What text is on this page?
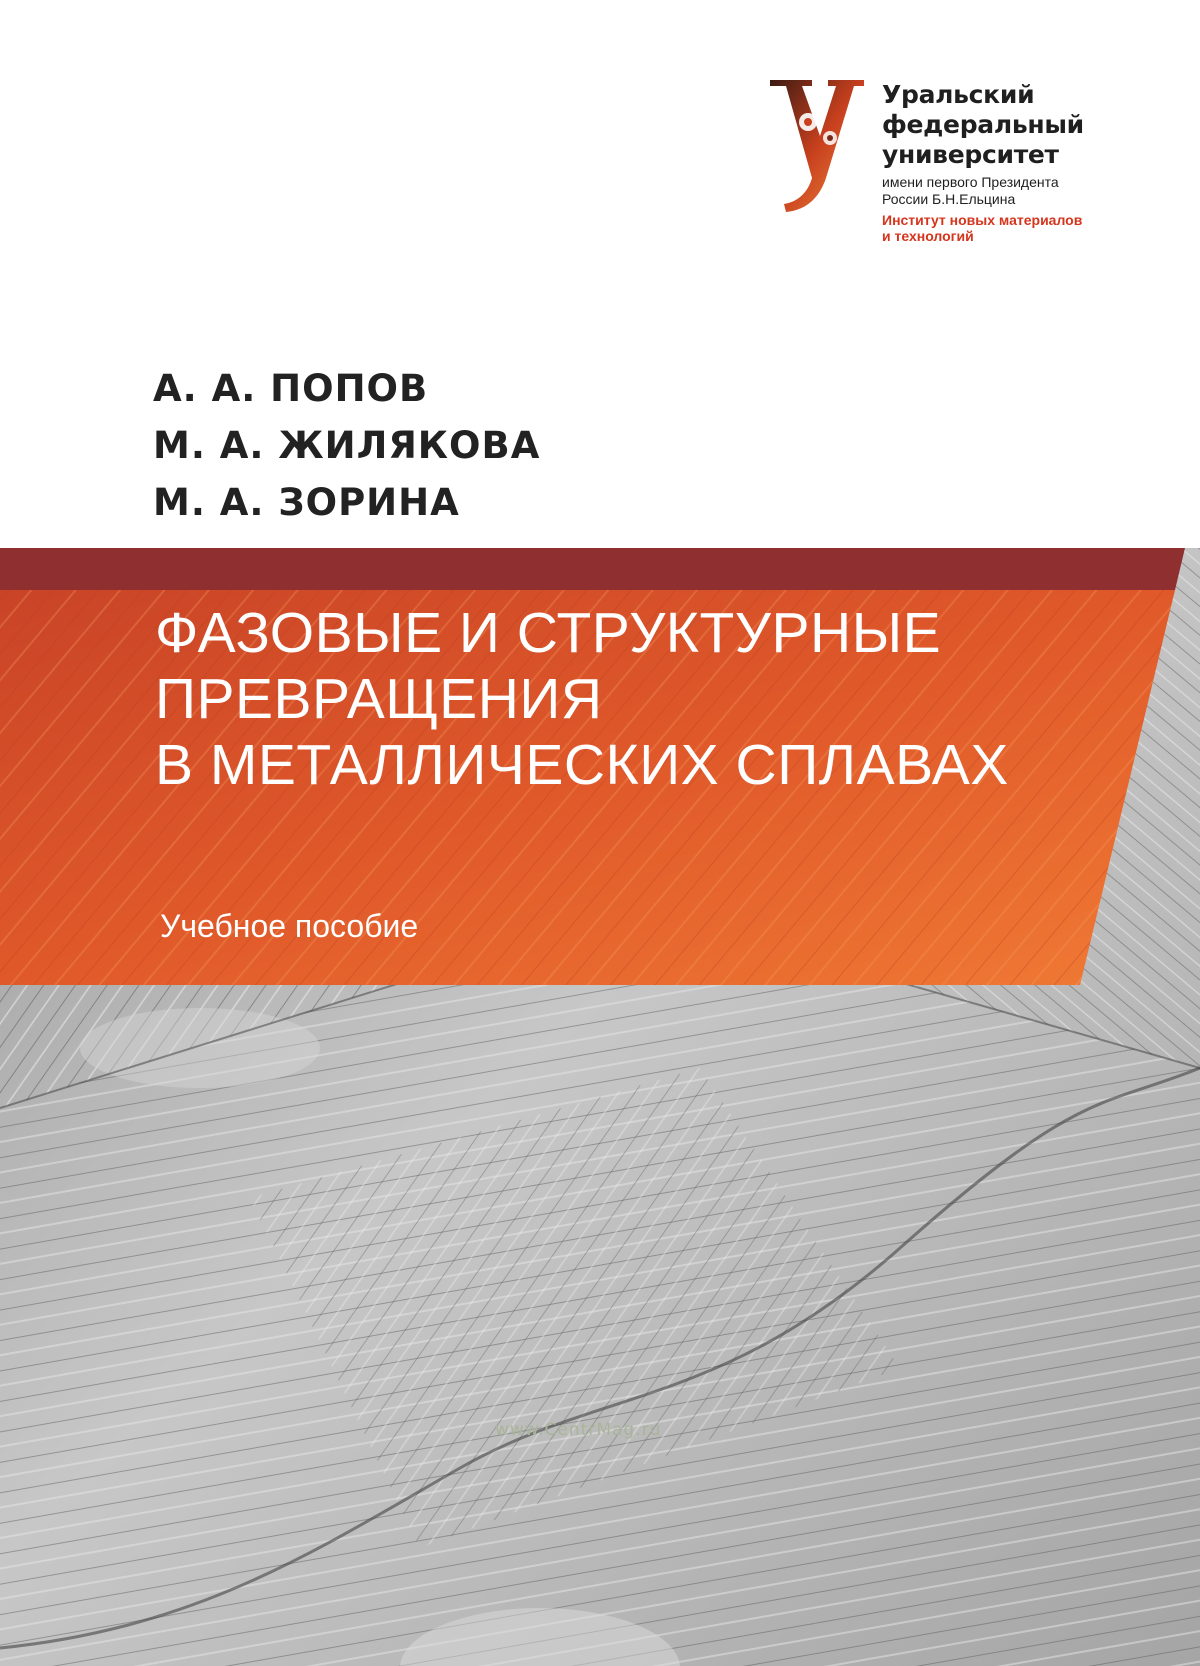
Уральский
федеральный
университет
имени первого Президента
России Б.Н.Ельцина
Институт новых материалов
и технологий
А. А. ПОПОВ
М. А. ЖИЛЯКОВА
М. А. ЗОРИНА
ФАЗОВЫЕ И СТРУКТУРНЫЕ
ПРЕВРАЩЕНИЯ
В МЕТАЛЛИЧЕСКИХ СПЛАВАХ
Учебное пособие
www.CentrMag.ru
